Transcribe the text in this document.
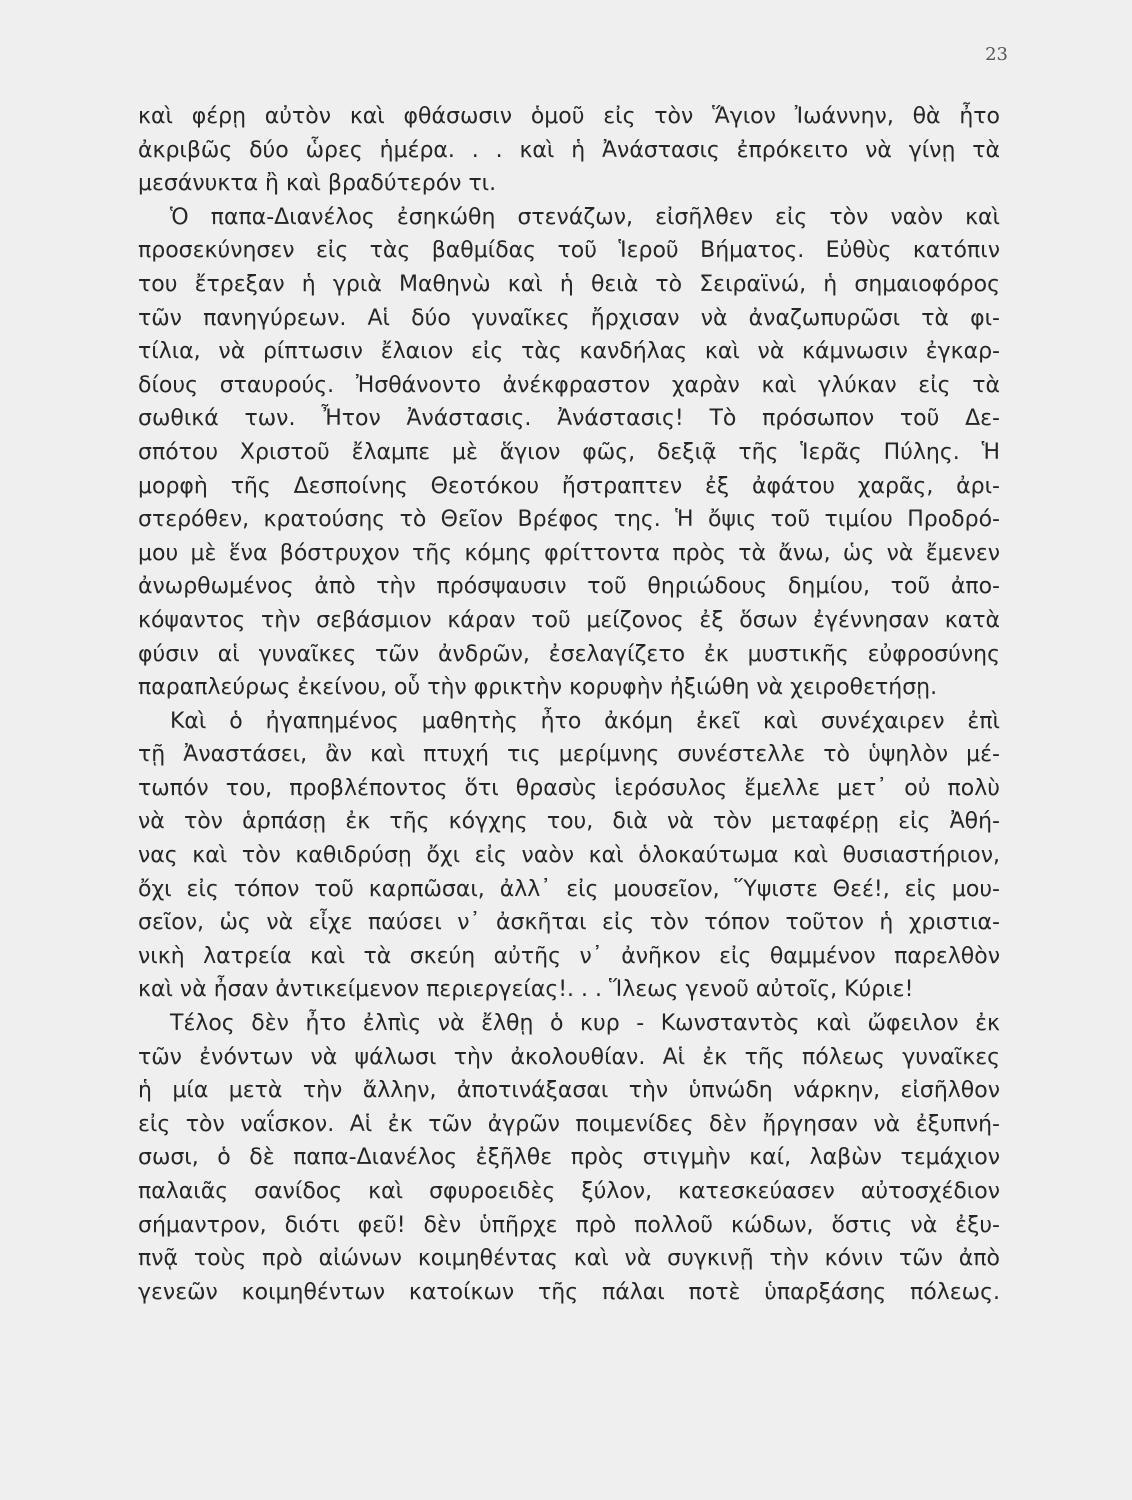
23
καὶ φέρῃ αὐτὸν καὶ φθάσωσιν ὁμοῦ εἰς τὸν Ἅγιον Ἰωάννην, θὰ ἦτο
ἀκριβῶς δύο ὧρες ἡμέρα. . . καὶ ἡ Ἀνάστασις ἐπρόκειτο νὰ γίνῃ τὰ
μεσάνυκτα ἢ καὶ βραδύτερόν τι.
Ὁ παπα-Διανέλος ἐσηκώθη στενάζων, εἰσῆλθεν εἰς τὸν ναὸν καὶ
προσεκύνησεν εἰς τὰς βαθμίδας τοῦ Ἱεροῦ Βήματος. Εὐθὺς κατόπιν
του ἔτρεξαν ἡ γριὰ Μαθηνὼ καὶ ἡ θειὰ τὸ Σειραϊνώ, ἡ σημαιοφόρος
τῶν πανηγύρεων. Αἱ δύο γυναῖκες ἤρχισαν νὰ ἀναζωπυρῶσι τὰ φι-
τίλια, νὰ ρίπτωσιν ἔλαιον εἰς τὰς κανδήλας καὶ νὰ κάμνωσιν ἐγκαρ-
δίους σταυρούς. Ἠσθάνοντο ἀνέκφραστον χαρὰν καὶ γλύκαν εἰς τὰ
σωθικά των. Ἦτον Ἀνάστασις. Ἀνάστασις! Τὸ πρόσωπον τοῦ Δε-
σπότου Χριστοῦ ἔλαμπε μὲ ἅγιον φῶς, δεξιᾷ τῆς Ἱερᾶς Πύλης. Ἡ
μορφὴ τῆς Δεσποίνης Θεοτόκου ἤστραπτεν ἐξ ἀφάτου χαρᾶς, ἀρι-
στερόθεν, κρατούσης τὸ Θεῖον Βρέφος της. Ἡ ὄψις τοῦ τιμίου Προδρό-
μου μὲ ἕνα βόστρυχον τῆς κόμης φρίττοντα πρὸς τὰ ἄνω, ὡς νὰ ἔμενεν
ἀνωρθωμένος ἀπὸ τὴν πρόσψαυσιν τοῦ θηριώδους δημίου, τοῦ ἀπο-
κόψαντος τὴν σεβάσμιον κάραν τοῦ μείζονος ἐξ ὅσων ἐγέννησαν κατὰ
φύσιν αἱ γυναῖκες τῶν ἀνδρῶν, ἐσελαγίζετο ἐκ μυστικῆς εὐφροσύνης
παραπλεύρως ἐκείνου, οὗ τὴν φρικτὴν κορυφὴν ἠξιώθη νὰ χειροθετήσῃ.
Καὶ ὁ ἠγαπημένος μαθητὴς ἦτο ἀκόμη ἐκεῖ καὶ συνέχαιρεν ἐπὶ
τῇ Ἀναστάσει, ἂν καὶ πτυχή τις μερίμνης συνέστελλε τὸ ὑψηλὸν μέ-
τωπόν του, προβλέποντος ὅτι θρασὺς ἱερόσυλος ἔμελλε μετ᾽ οὐ πολὺ
νὰ τὸν ἁρπάσῃ ἐκ τῆς κόγχης του, διὰ νὰ τὸν μεταφέρῃ εἰς Ἀθή-
νας καὶ τὸν καθιδρύσῃ ὄχι εἰς ναὸν καὶ ὁλοκαύτωμα καὶ θυσιαστήριον,
ὄχι εἰς τόπον τοῦ καρπῶσαι, ἀλλ᾽ εἰς μουσεῖον, Ὕψιστε Θεέ!, εἰς μου-
σεῖον, ὡς νὰ εἶχε παύσει ν᾽ ἀσκῆται εἰς τὸν τόπον τοῦτον ἡ χριστια-
νικὴ λατρεία καὶ τὰ σκεύη αὐτῆς ν᾽ ἀνῆκον εἰς θαμμένον παρελθὸν
καὶ νὰ ἦσαν ἀντικείμενον περιεργείας!. . . Ἵλεως γενοῦ αὐτοῖς, Κύριε!
Τέλος δὲν ἦτο ἐλπὶς νὰ ἔλθῃ ὁ κυρ - Κωνσταντὸς καὶ ὤφειλον ἐκ
τῶν ἐνόντων νὰ ψάλωσι τὴν ἀκολουθίαν. Αἱ ἐκ τῆς πόλεως γυναῖκες
ἡ μία μετὰ τὴν ἄλλην, ἀποτινάξασαι τὴν ὑπνώδη νάρκην, εἰσῆλθον
εἰς τὸν ναΐσκον. Αἱ ἐκ τῶν ἀγρῶν ποιμενίδες δὲν ἤργησαν νὰ ἐξυπνή-
σωσι, ὁ δὲ παπα-Διανέλος ἐξῆλθε πρὸς στιγμὴν καί, λαβὼν τεμάχιον
παλαιᾶς σανίδος καὶ σφυροειδὲς ξύλον, κατεσκεύασεν αὐτοσχέδιον
σήμαντρον, διότι φεῦ! δὲν ὑπῆρχε πρὸ πολλοῦ κώδων, ὅστις νὰ ἐξυ-
πνᾷ τοὺς πρὸ αἰώνων κοιμηθέντας καὶ νὰ συγκινῇ τὴν κόνιν τῶν ἀπὸ
γενεῶν κοιμηθέντων κατοίκων τῆς πάλαι ποτὲ ὑπαρξάσης πόλεως.
